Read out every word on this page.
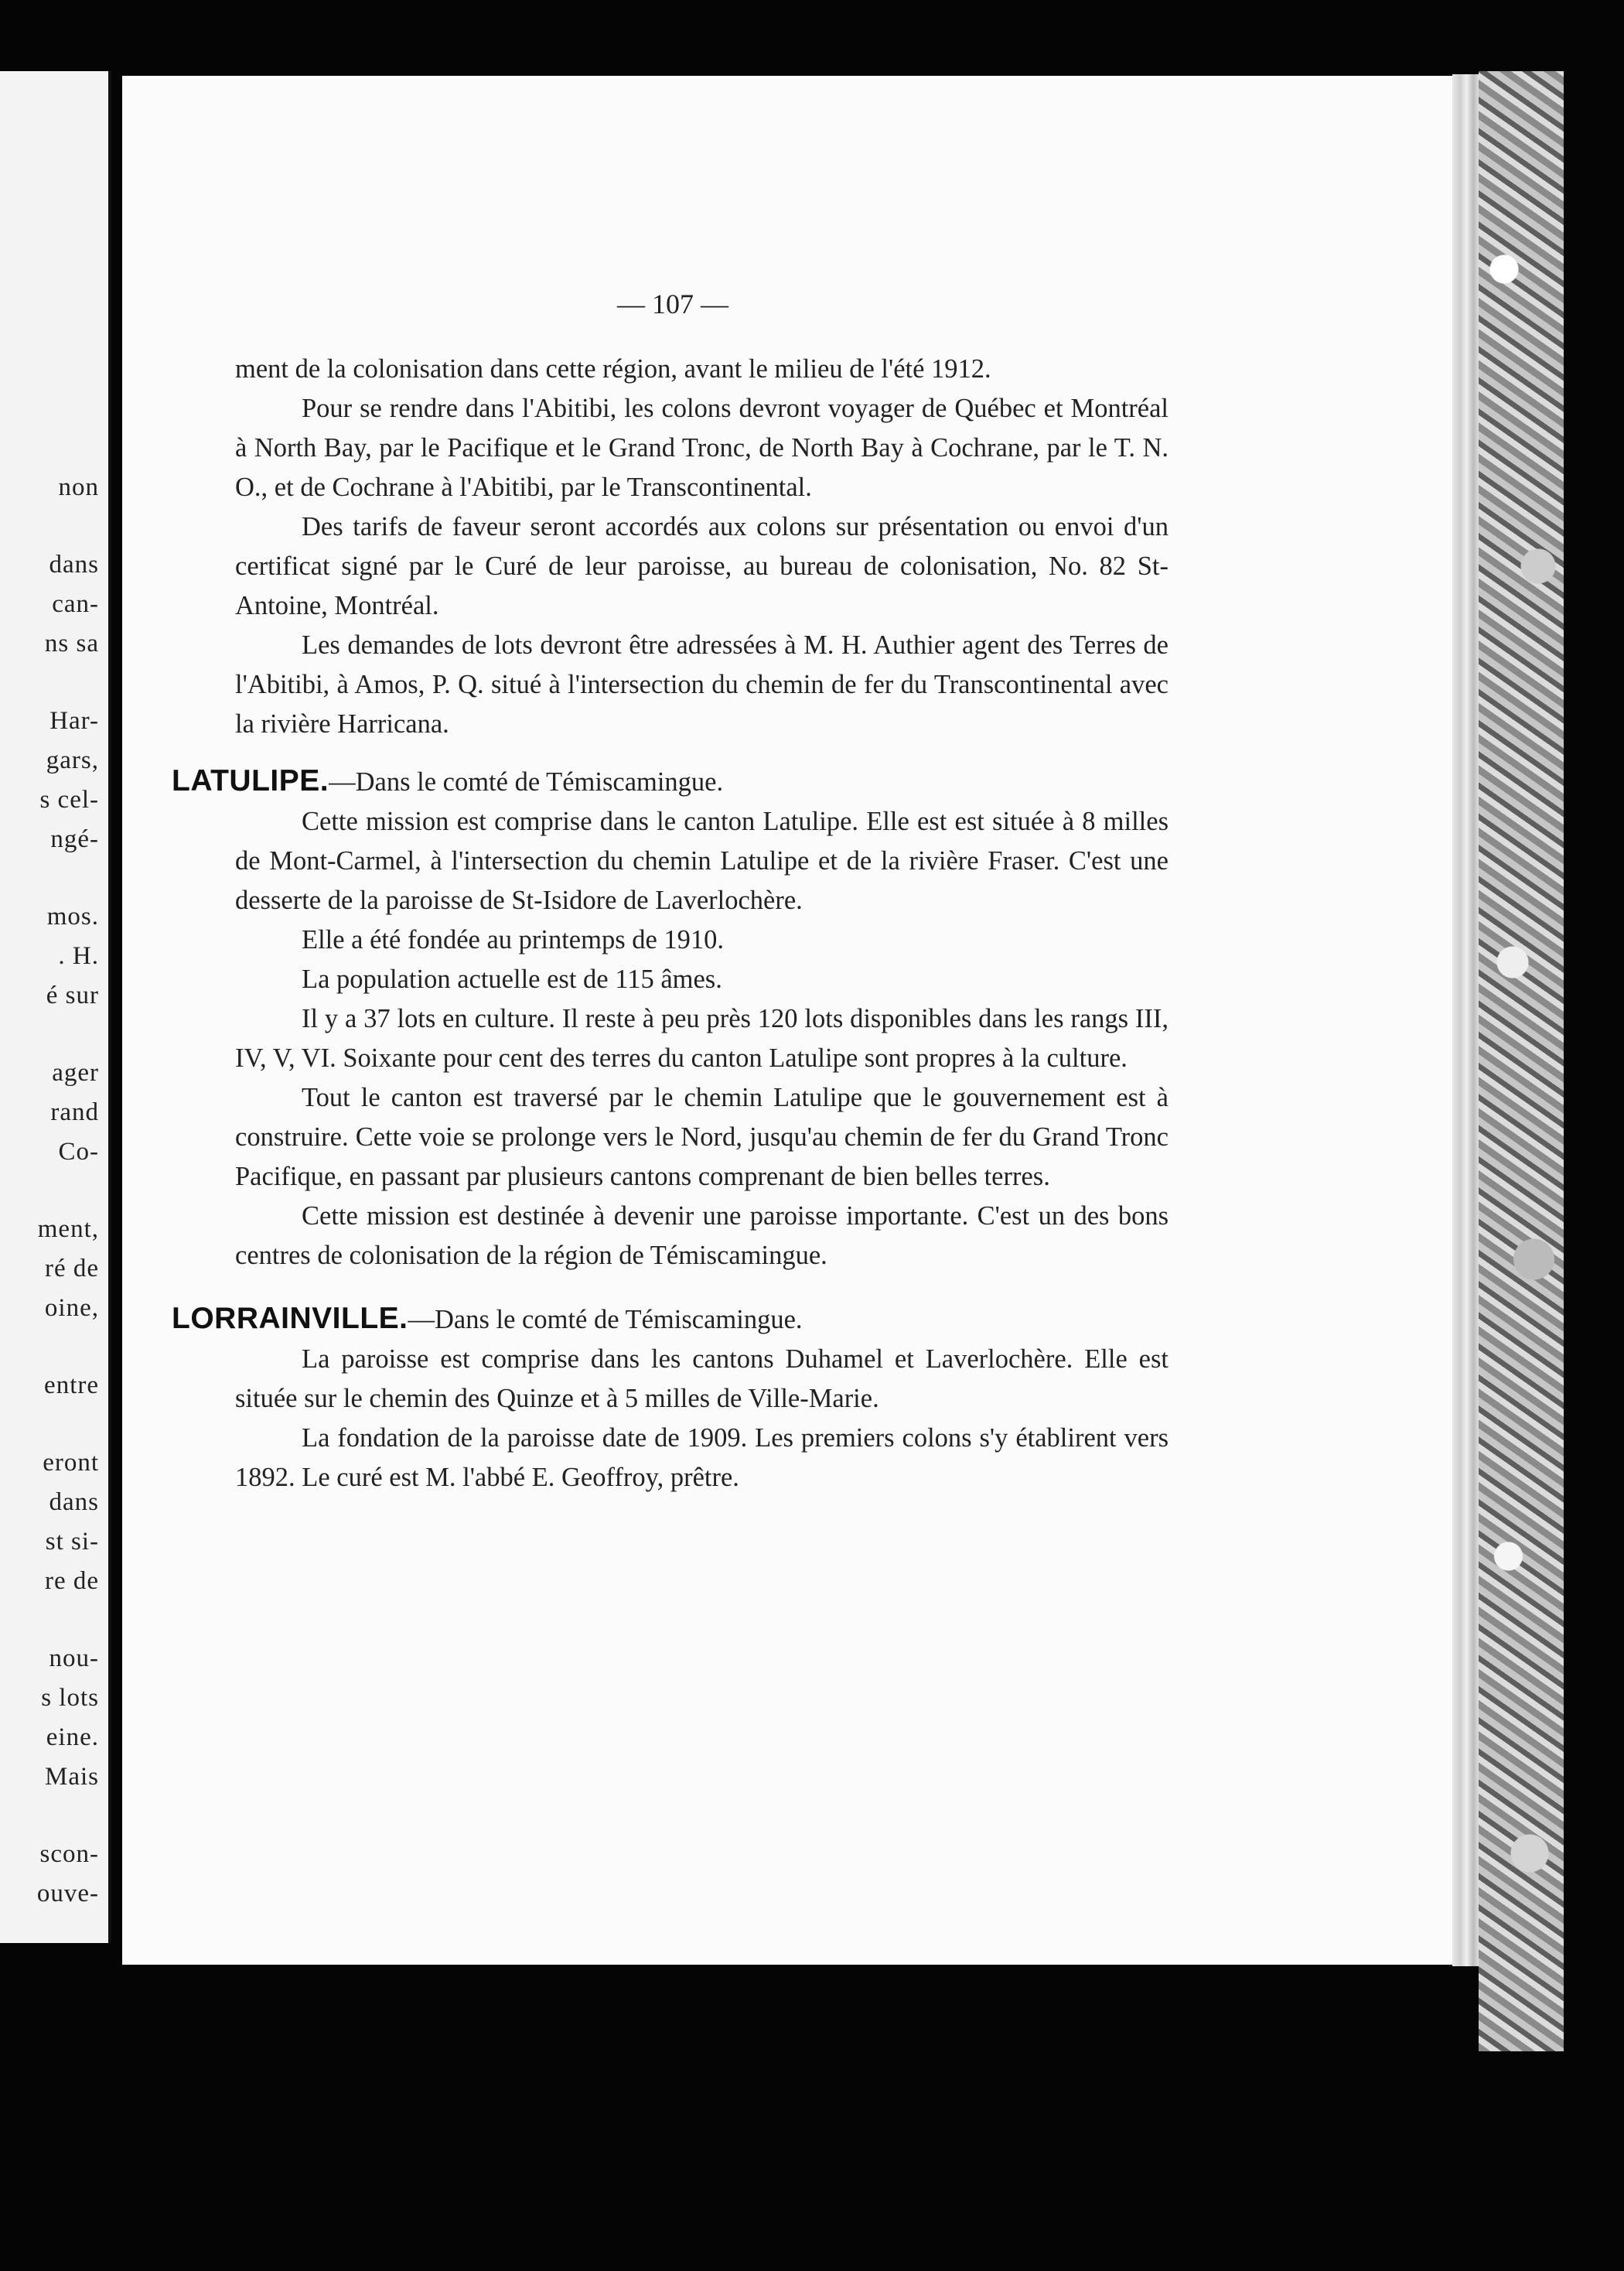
non
dans
can-
ns sa
Har-
gars,
s cel-
ngé-
mos.
. H.
é sur
ager
rand
Co-
ment,
ré de
oine,
entre
eront
dans
st si-
re de
nou-
s lots
eine.
Mais
scon-
ouve-
— 107 —

ment de la colonisation dans cette région, avant le milieu de l'été 1912.

Pour se rendre dans l'Abitibi, les colons devront voyager de Québec et Montréal à North Bay, par le Pacifique et le Grand Tronc, de North Bay à Cochrane, par le T. N. O., et de Cochrane à l'Abitibi, par le Transcontinental.

Des tarifs de faveur seront accordés aux colons sur présentation ou envoi d'un certificat signé par le Curé de leur paroisse, au bureau de colonisation, No. 82 St-Antoine, Montréal.

Les demandes de lots devront être adressées à M. H. Authier agent des Terres de l'Abitibi, à Amos, P. Q. situé à l'intersection du chemin de fer du Transcontinental avec la rivière Harricana.

LATULIPE.—Dans le comté de Témiscamingue.

Cette mission est comprise dans le canton Latulipe. Elle est est située à 8 milles de Mont-Carmel, à l'intersection du chemin Latulipe et de la rivière Fraser. C'est une desserte de la paroisse de St-Isidore de Laverlochère.

Elle a été fondée au printemps de 1910.

La population actuelle est de 115 âmes.

Il y a 37 lots en culture. Il reste à peu près 120 lots disponibles dans les rangs III, IV, V, VI. Soixante pour cent des terres du canton Latulipe sont propres à la culture.

Tout le canton est traversé par le chemin Latulipe que le gouvernement est à construire. Cette voie se prolonge vers le Nord, jusqu'au chemin de fer du Grand Tronc Pacifique, en passant par plusieurs cantons comprenant de bien belles terres.

Cette mission est destinée à devenir une paroisse importante. C'est un des bons centres de colonisation de la région de Témiscamingue.

LORRAINVILLE.—Dans le comté de Témiscamingue.

La paroisse est comprise dans les cantons Duhamel et Laverlochère. Elle est située sur le chemin des Quinze et à 5 milles de Ville-Marie.

La fondation de la paroisse date de 1909. Les premiers colons s'y établirent vers 1892. Le curé est M. l'abbé E. Geoffroy, prêtre.
